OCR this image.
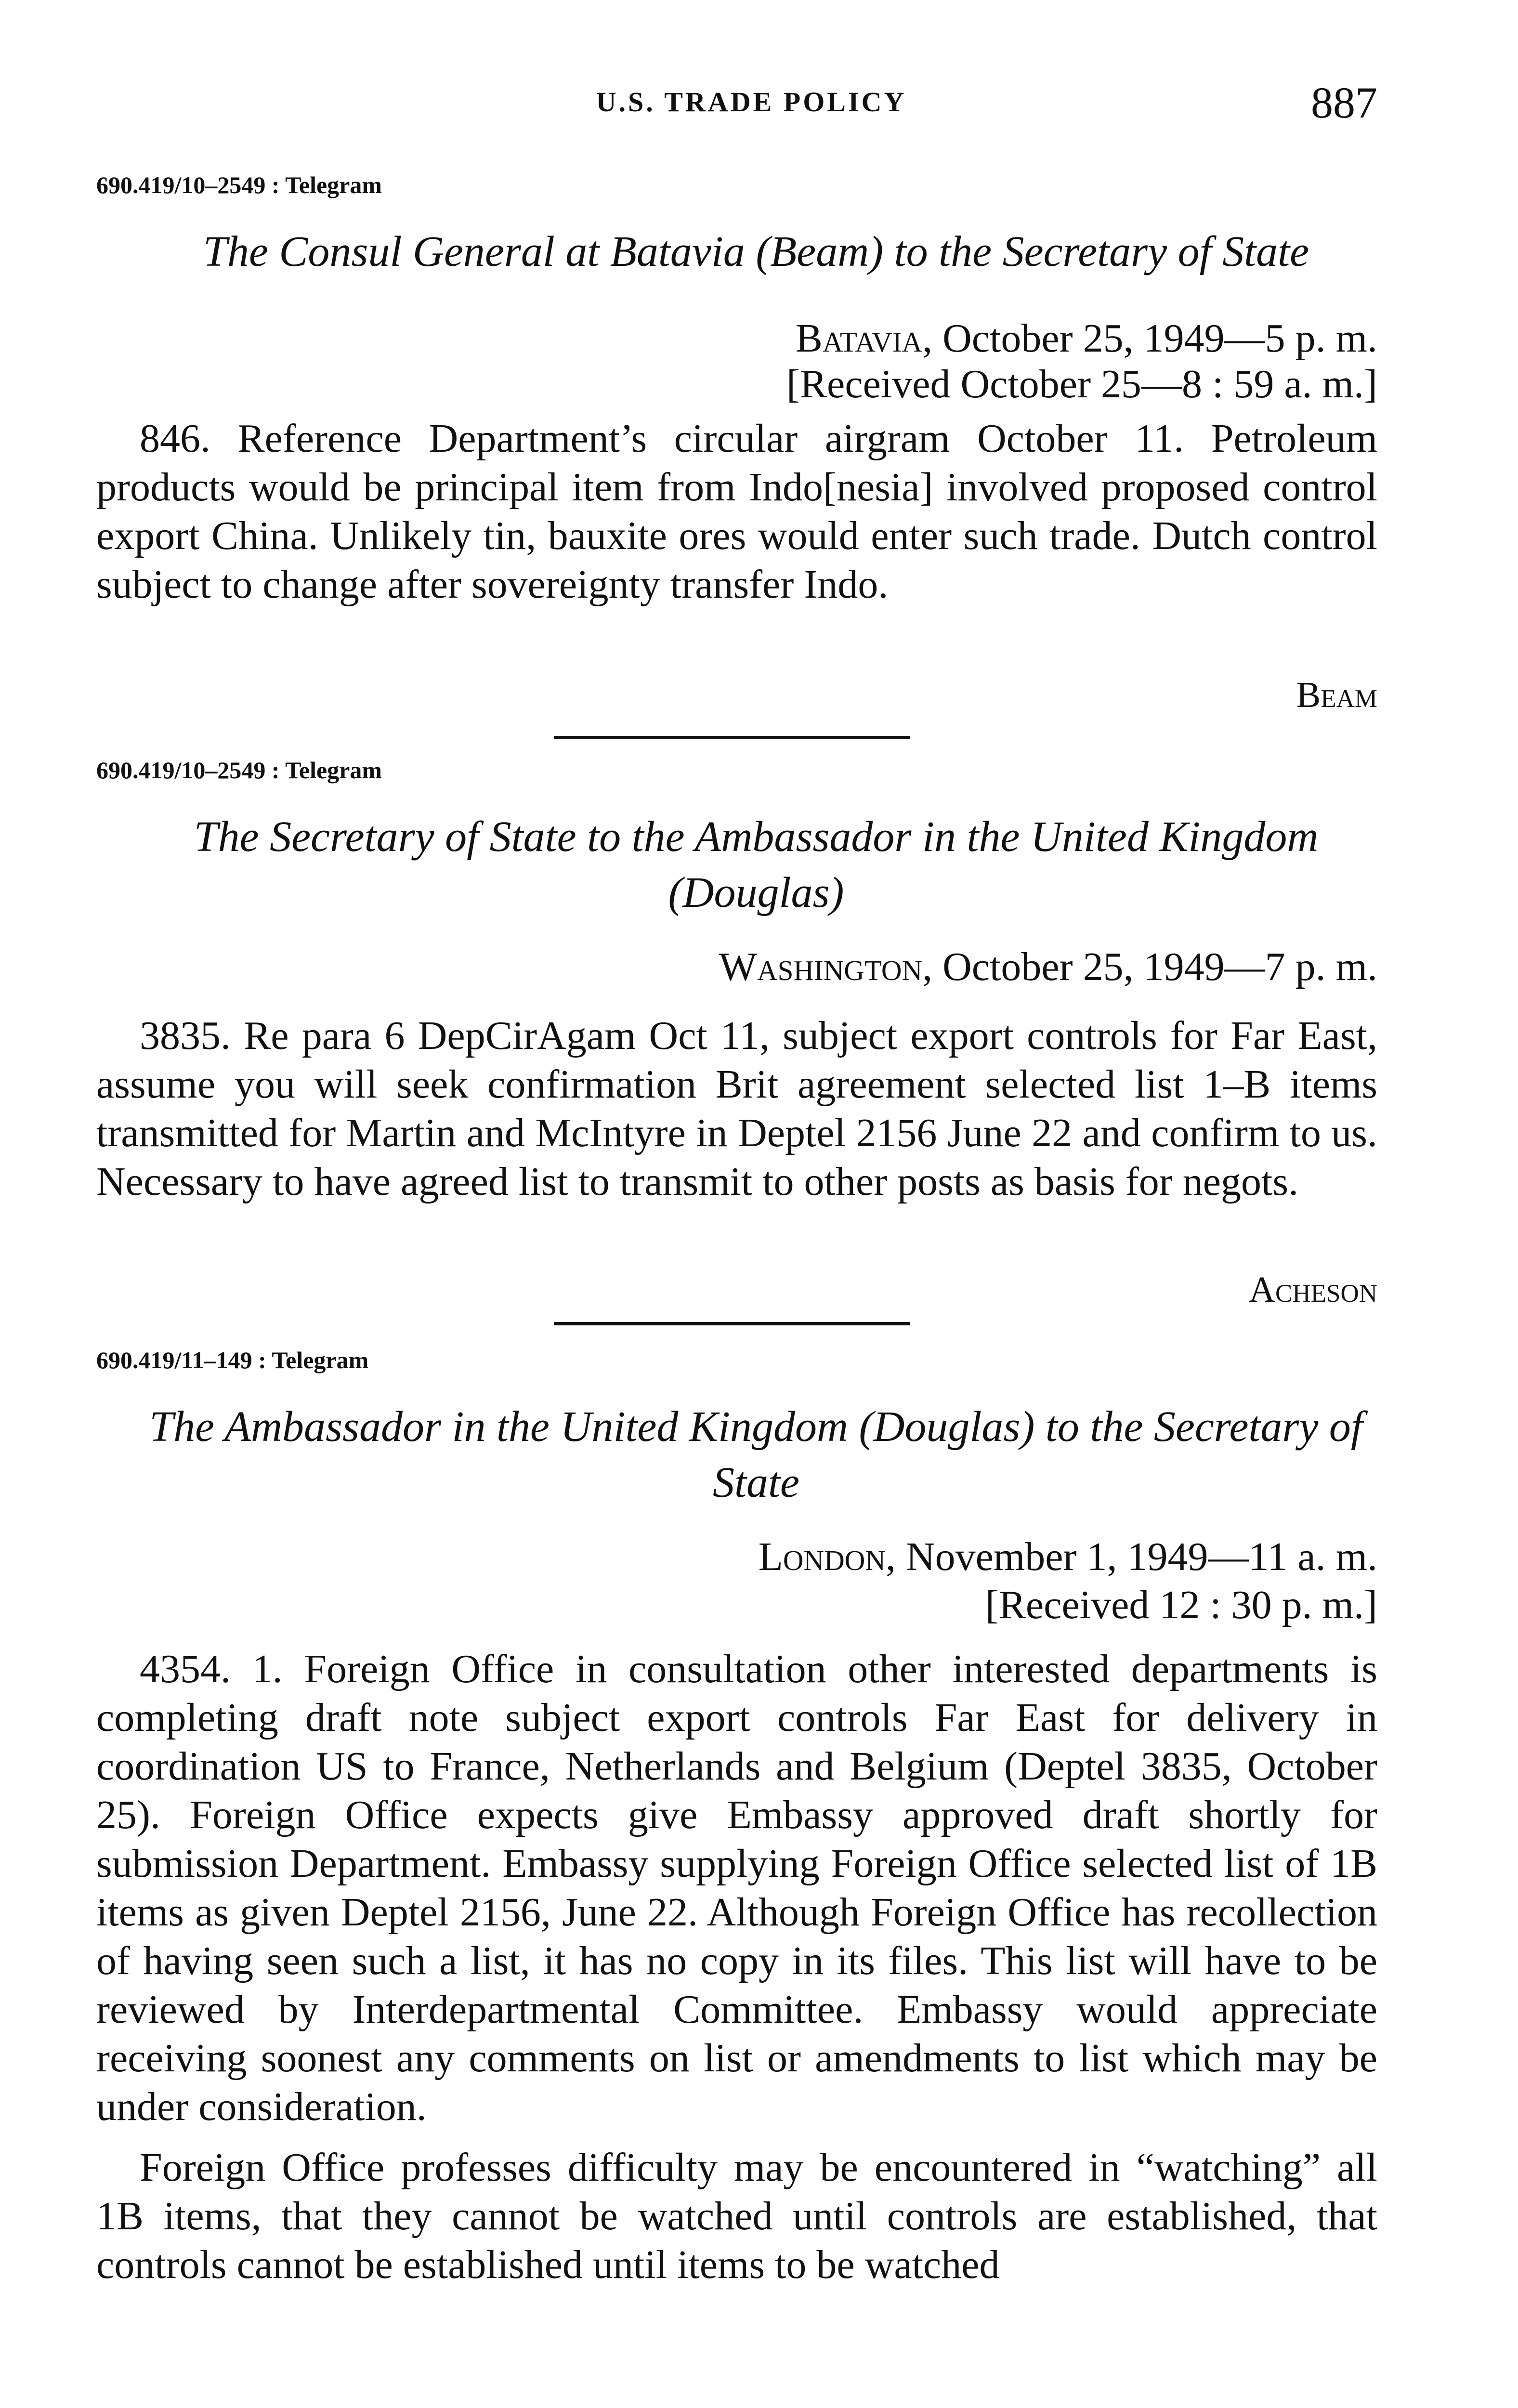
U.S. TRADE POLICY	887
690.419/10–2549 : Telegram
The Consul General at Batavia (Beam) to the Secretary of State
Batavia, October 25, 1949—5 p. m.
[Received October 25—8 : 59 a. m.]
846. Reference Department’s circular airgram October 11. Petroleum products would be principal item from Indo[nesia] involved proposed control export China. Unlikely tin, bauxite ores would enter such trade. Dutch control subject to change after sovereignty transfer Indo.
Beam
690.419/10–2549 : Telegram
The Secretary of State to the Ambassador in the United Kingdom (Douglas)
Washington, October 25, 1949—7 p. m.
3835. Re para 6 DepCirAgam Oct 11, subject export controls for Far East, assume you will seek confirmation Brit agreement selected list 1–B items transmitted for Martin and McIntyre in Deptel 2156 June 22 and confirm to us. Necessary to have agreed list to transmit to other posts as basis for negots.
Acheson
690.419/11–149 : Telegram
The Ambassador in the United Kingdom (Douglas) to the Secretary of State
London, November 1, 1949—11 a. m.
[Received 12 : 30 p. m.]
4354. 1. Foreign Office in consultation other interested departments is completing draft note subject export controls Far East for delivery in coordination US to France, Netherlands and Belgium (Deptel 3835, October 25). Foreign Office expects give Embassy approved draft shortly for submission Department. Embassy supplying Foreign Office selected list of 1B items as given Deptel 2156, June 22. Although Foreign Office has recollection of having seen such a list, it has no copy in its files. This list will have to be reviewed by Interdepartmental Committee. Embassy would appreciate receiving soonest any comments on list or amendments to list which may be under consideration.
Foreign Office professes difficulty may be encountered in “watching” all 1B items, that they cannot be watched until controls are established, that controls cannot be established until items to be watched
